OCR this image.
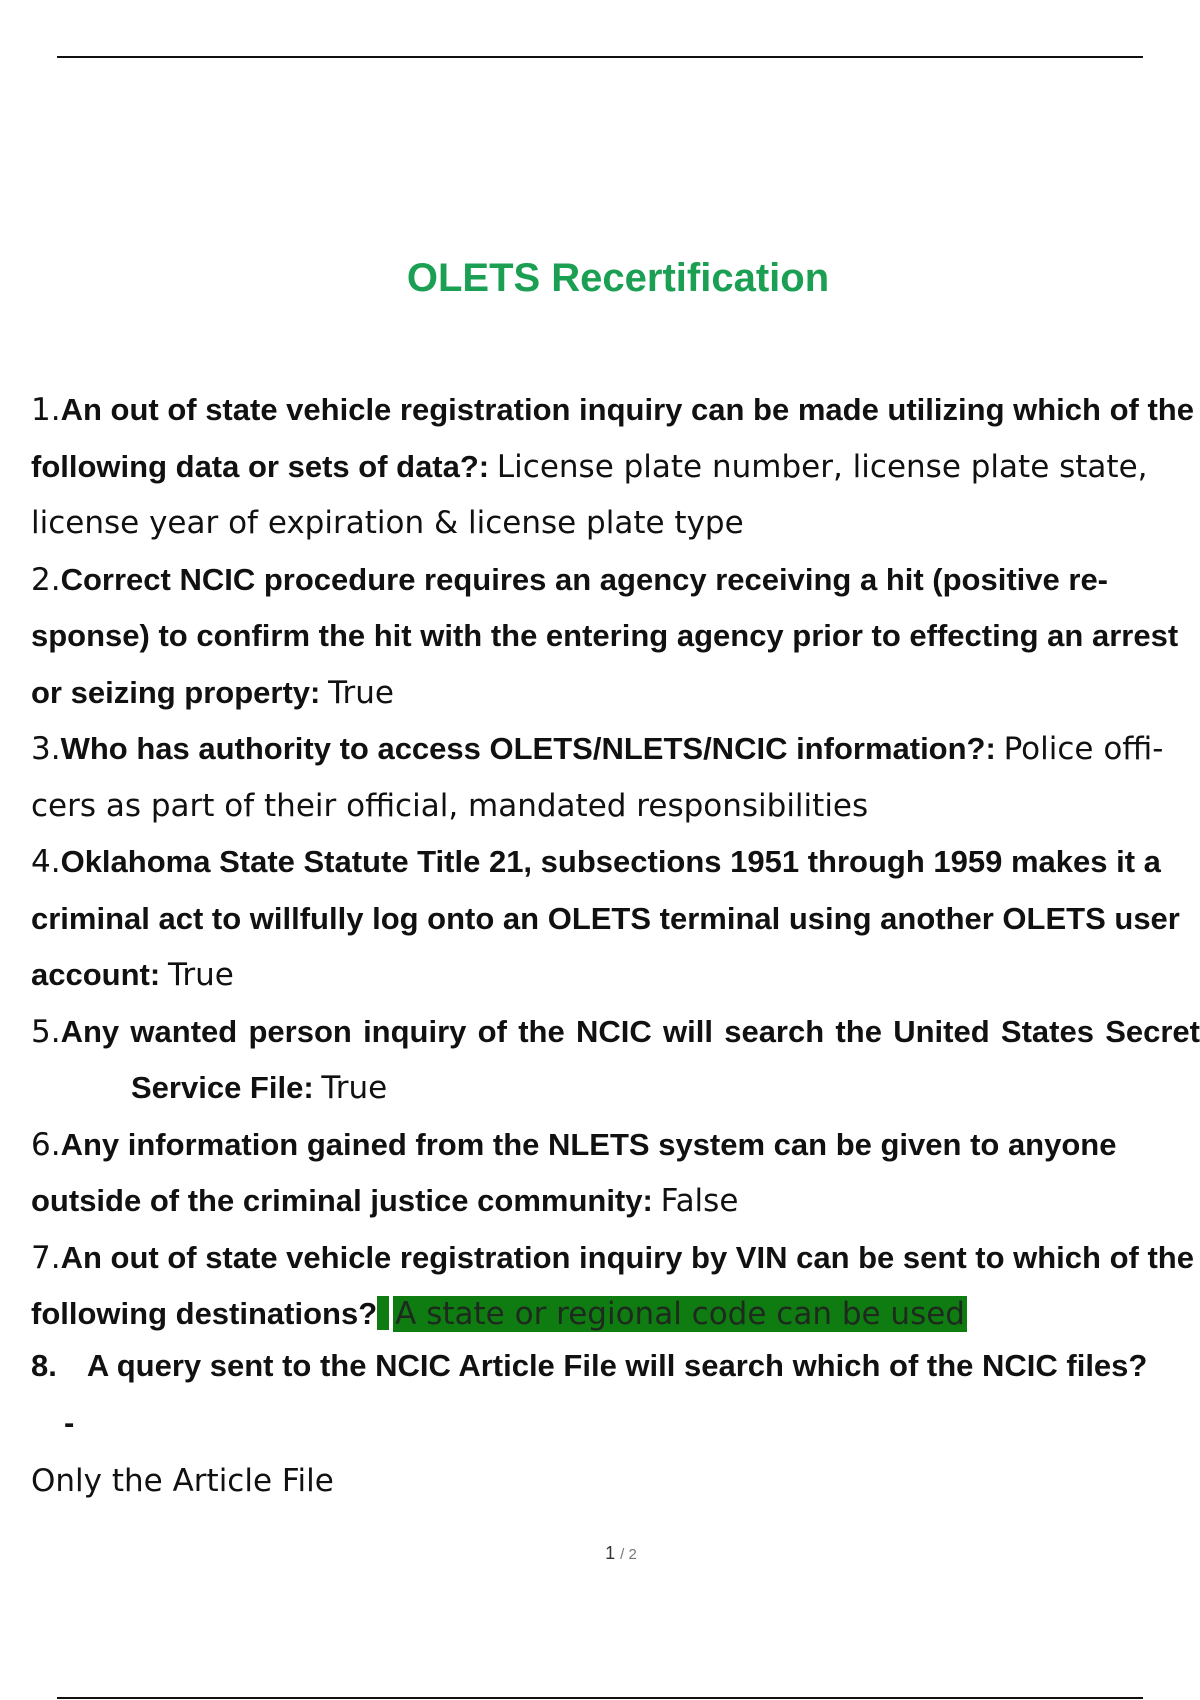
OLETS Recertification
1.An out of state vehicle registration inquiry can be made utilizing which of the following data or sets of data?: License plate number, license plate state, license year of expiration & license plate type
2.Correct NCIC procedure requires an agency receiving a hit (positive re- sponse) to confirm the hit with the entering agency prior to effecting an arrest or seizing property: True
3.Who has authority to access OLETS/NLETS/NCIC information?: Police offi- cers as part of their official, mandated responsibilities
4.Oklahoma State Statute Title 21, subsections 1951 through 1959 makes it a criminal act to willfully log onto an OLETS terminal using another OLETS user account: True
5.Any wanted person inquiry of the NCIC will search the United States SecretService File: True
6.Any information gained from the NLETS system can be given to anyone outside of the criminal justice community: False
7.An out of state vehicle registration inquiry by VIN can be sent to which of the following destinations? A state or regional code can be used

8. A query sent to the NCIC Article File will search which of the NCIC files?

-
Only the Article File
1 / 2
